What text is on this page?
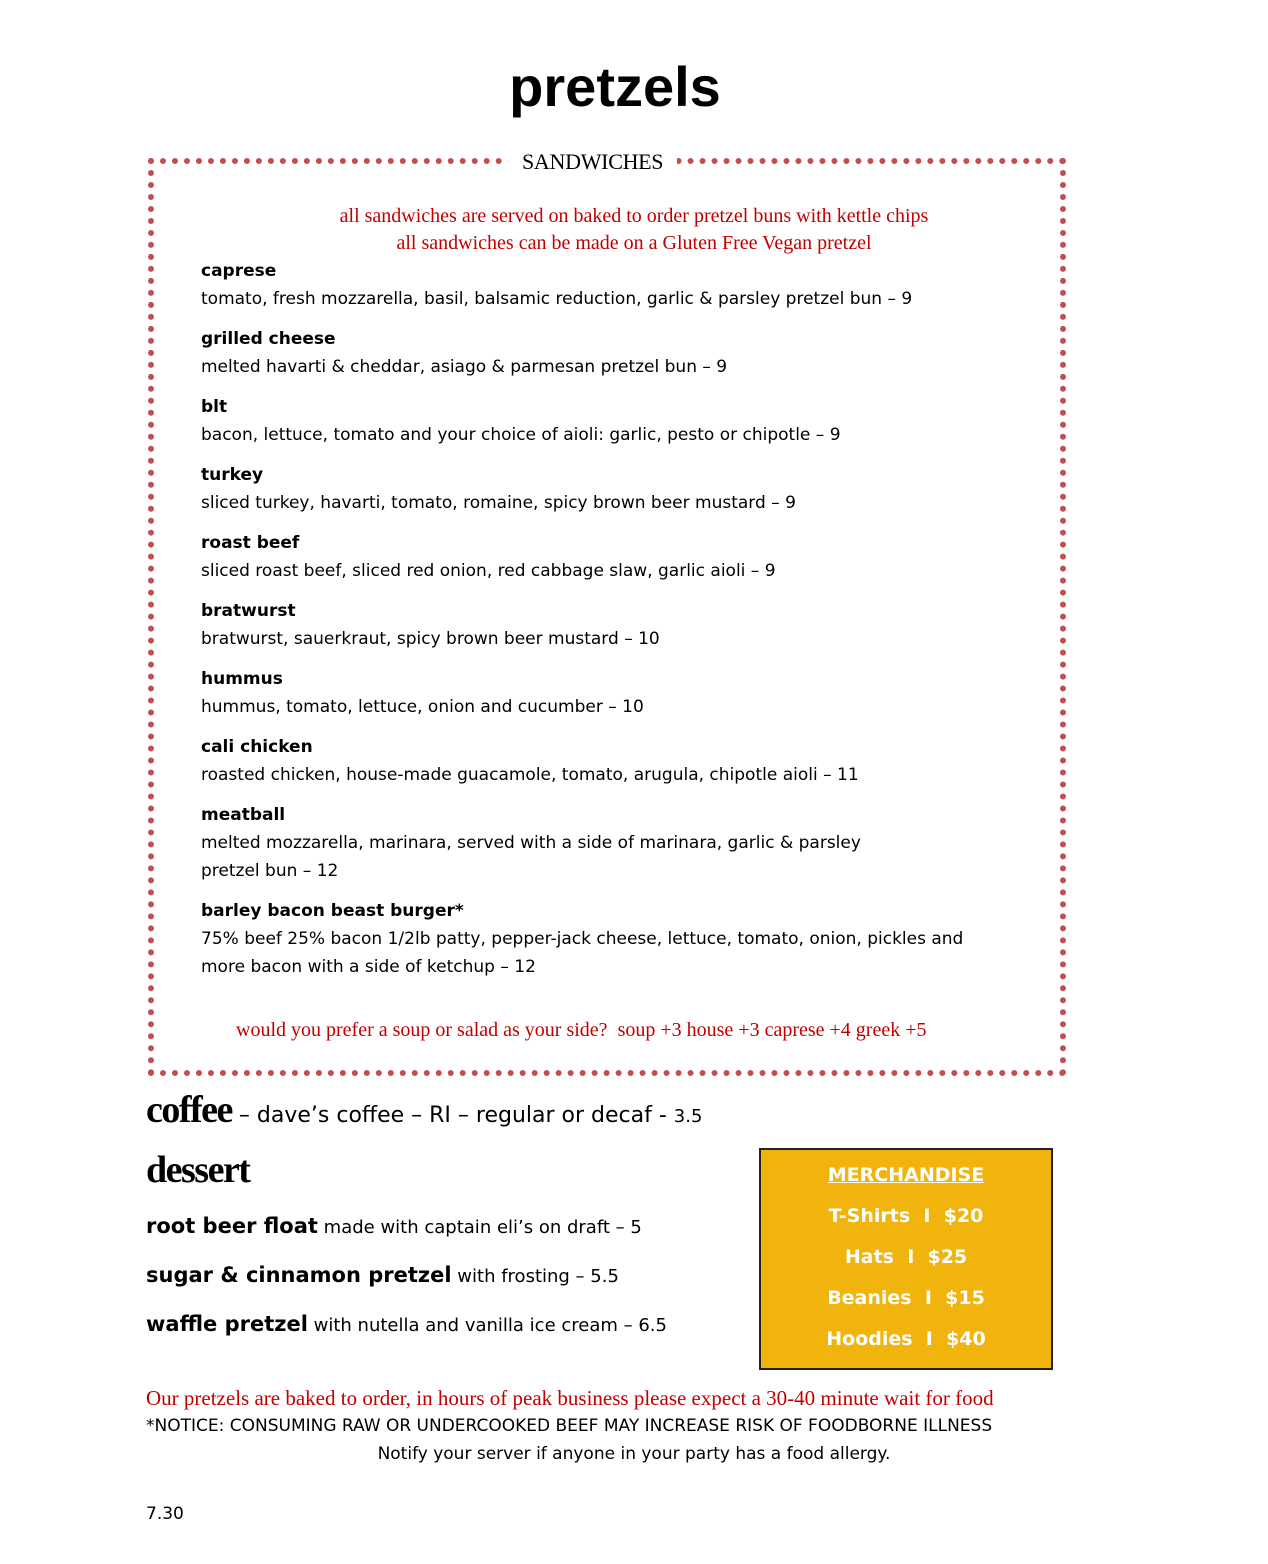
pretzels
SANDWICHES
all sandwiches are served on baked to order pretzel buns with kettle chips
all sandwiches can be made on a Gluten Free Vegan pretzel
caprese
tomato, fresh mozzarella, basil, balsamic reduction, garlic & parsley pretzel bun – 9
grilled cheese
melted havarti & cheddar, asiago & parmesan pretzel bun – 9
blt
bacon, lettuce, tomato and your choice of aioli: garlic, pesto or chipotle – 9
turkey
sliced turkey, havarti, tomato, romaine, spicy brown beer mustard – 9
roast beef
sliced roast beef, sliced red onion, red cabbage slaw, garlic aioli – 9
bratwurst
bratwurst, sauerkraut, spicy brown beer mustard – 10
hummus
hummus, tomato, lettuce, onion and cucumber – 10
cali chicken
roasted chicken, house-made guacamole, tomato, arugula, chipotle aioli – 11
meatball
melted mozzarella, marinara, served with a side of marinara, garlic & parsley pretzel bun – 12
barley bacon beast burger*
75% beef 25% bacon 1/2lb patty, pepper-jack cheese, lettuce, tomato, onion, pickles and more bacon with a side of ketchup – 12
would you prefer a soup or salad as your side?  soup +3 house +3 caprese +4 greek +5
coffee – dave’s coffee – RI – regular or decaf - 3.5
dessert
root beer float made with captain eli’s on draft – 5
sugar & cinnamon pretzel with frosting – 5.5
waffle pretzel with nutella and vanilla ice cream – 6.5
MERCHANDISE
T-Shirts  I  $20
Hats  I  $25
Beanies  I  $15
Hoodies  I  $40
Our pretzels are baked to order, in hours of peak business please expect a 30-40 minute wait for food
*NOTICE: CONSUMING RAW OR UNDERCOOKED BEEF MAY INCREASE RISK OF FOODBORNE ILLNESS
Notify your server if anyone in your party has a food allergy.
7.30
